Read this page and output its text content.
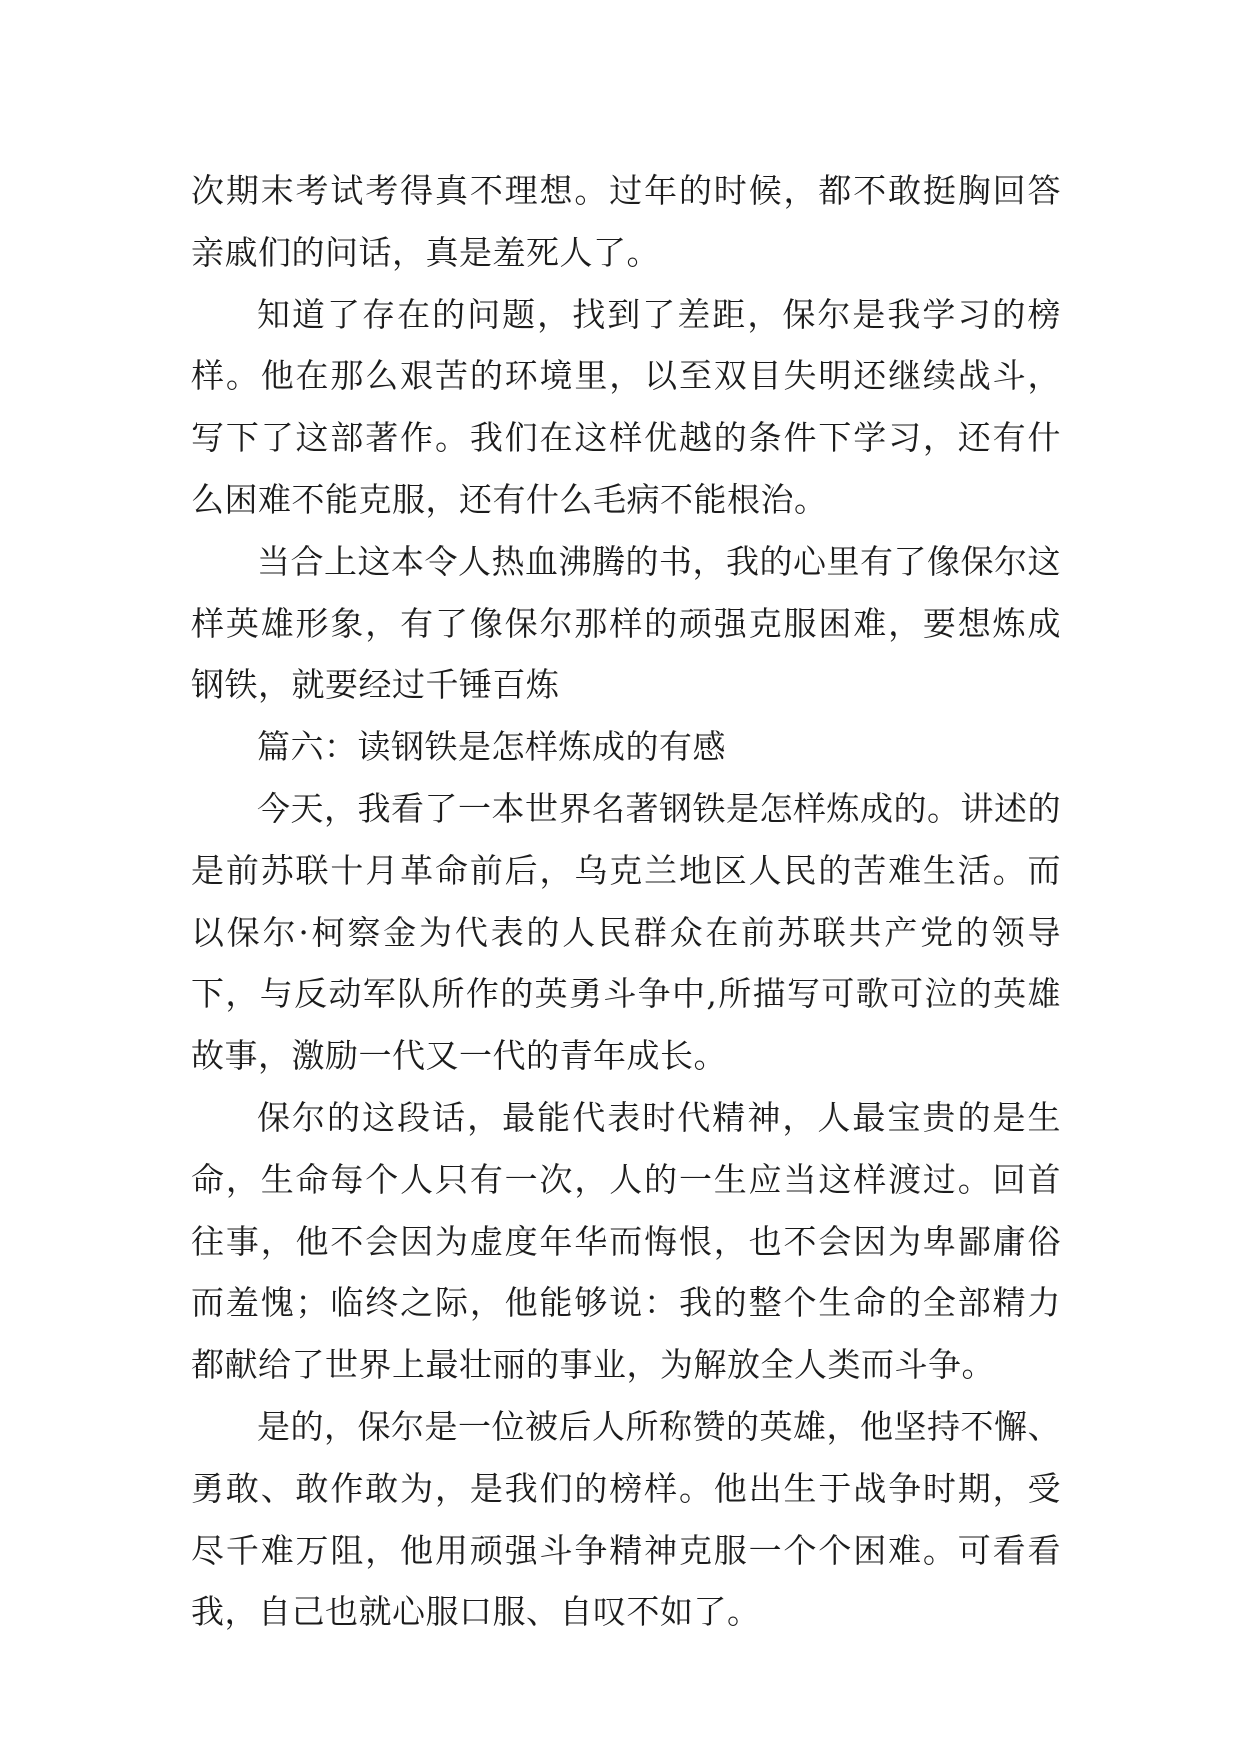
次期末考试考得真不理想。过年的时候，都不敢挺胸回答亲戚们的问话，真是羞死人了。

知道了存在的问题，找到了差距，保尔是我学习的榜样。他在那么艰苦的环境里，以至双目失明还继续战斗，写下了这部著作。我们在这样优越的条件下学习，还有什么困难不能克服，还有什么毛病不能根治。

当合上这本令人热血沸腾的书，我的心里有了像保尔这样英雄形象，有了像保尔那样的顽强克服困难，要想炼成钢铁，就要经过千锤百炼

篇六：读钢铁是怎样炼成的有感

今天，我看了一本世界名著钢铁是怎样炼成的。讲述的是前苏联十月革命前后，乌克兰地区人民的苦难生活。而以保尔·柯察金为代表的人民群众在前苏联共产党的领导下，与反动军队所作的英勇斗争中,所描写可歌可泣的英雄故事，激励一代又一代的青年成长。

保尔的这段话，最能代表时代精神，人最宝贵的是生命，生命每个人只有一次，人的一生应当这样渡过。回首往事，他不会因为虚度年华而悔恨，也不会因为卑鄙庸俗而羞愧；临终之际，他能够说：我的整个生命的全部精力都献给了世界上最壮丽的事业，为解放全人类而斗争。

是的，保尔是一位被后人所称赞的英雄，他坚持不懈、勇敢、敢作敢为，是我们的榜样。他出生于战争时期，受尽千难万阻，他用顽强斗争精神克服一个个困难。可看看我，自己也就心服口服、自叹不如了。
